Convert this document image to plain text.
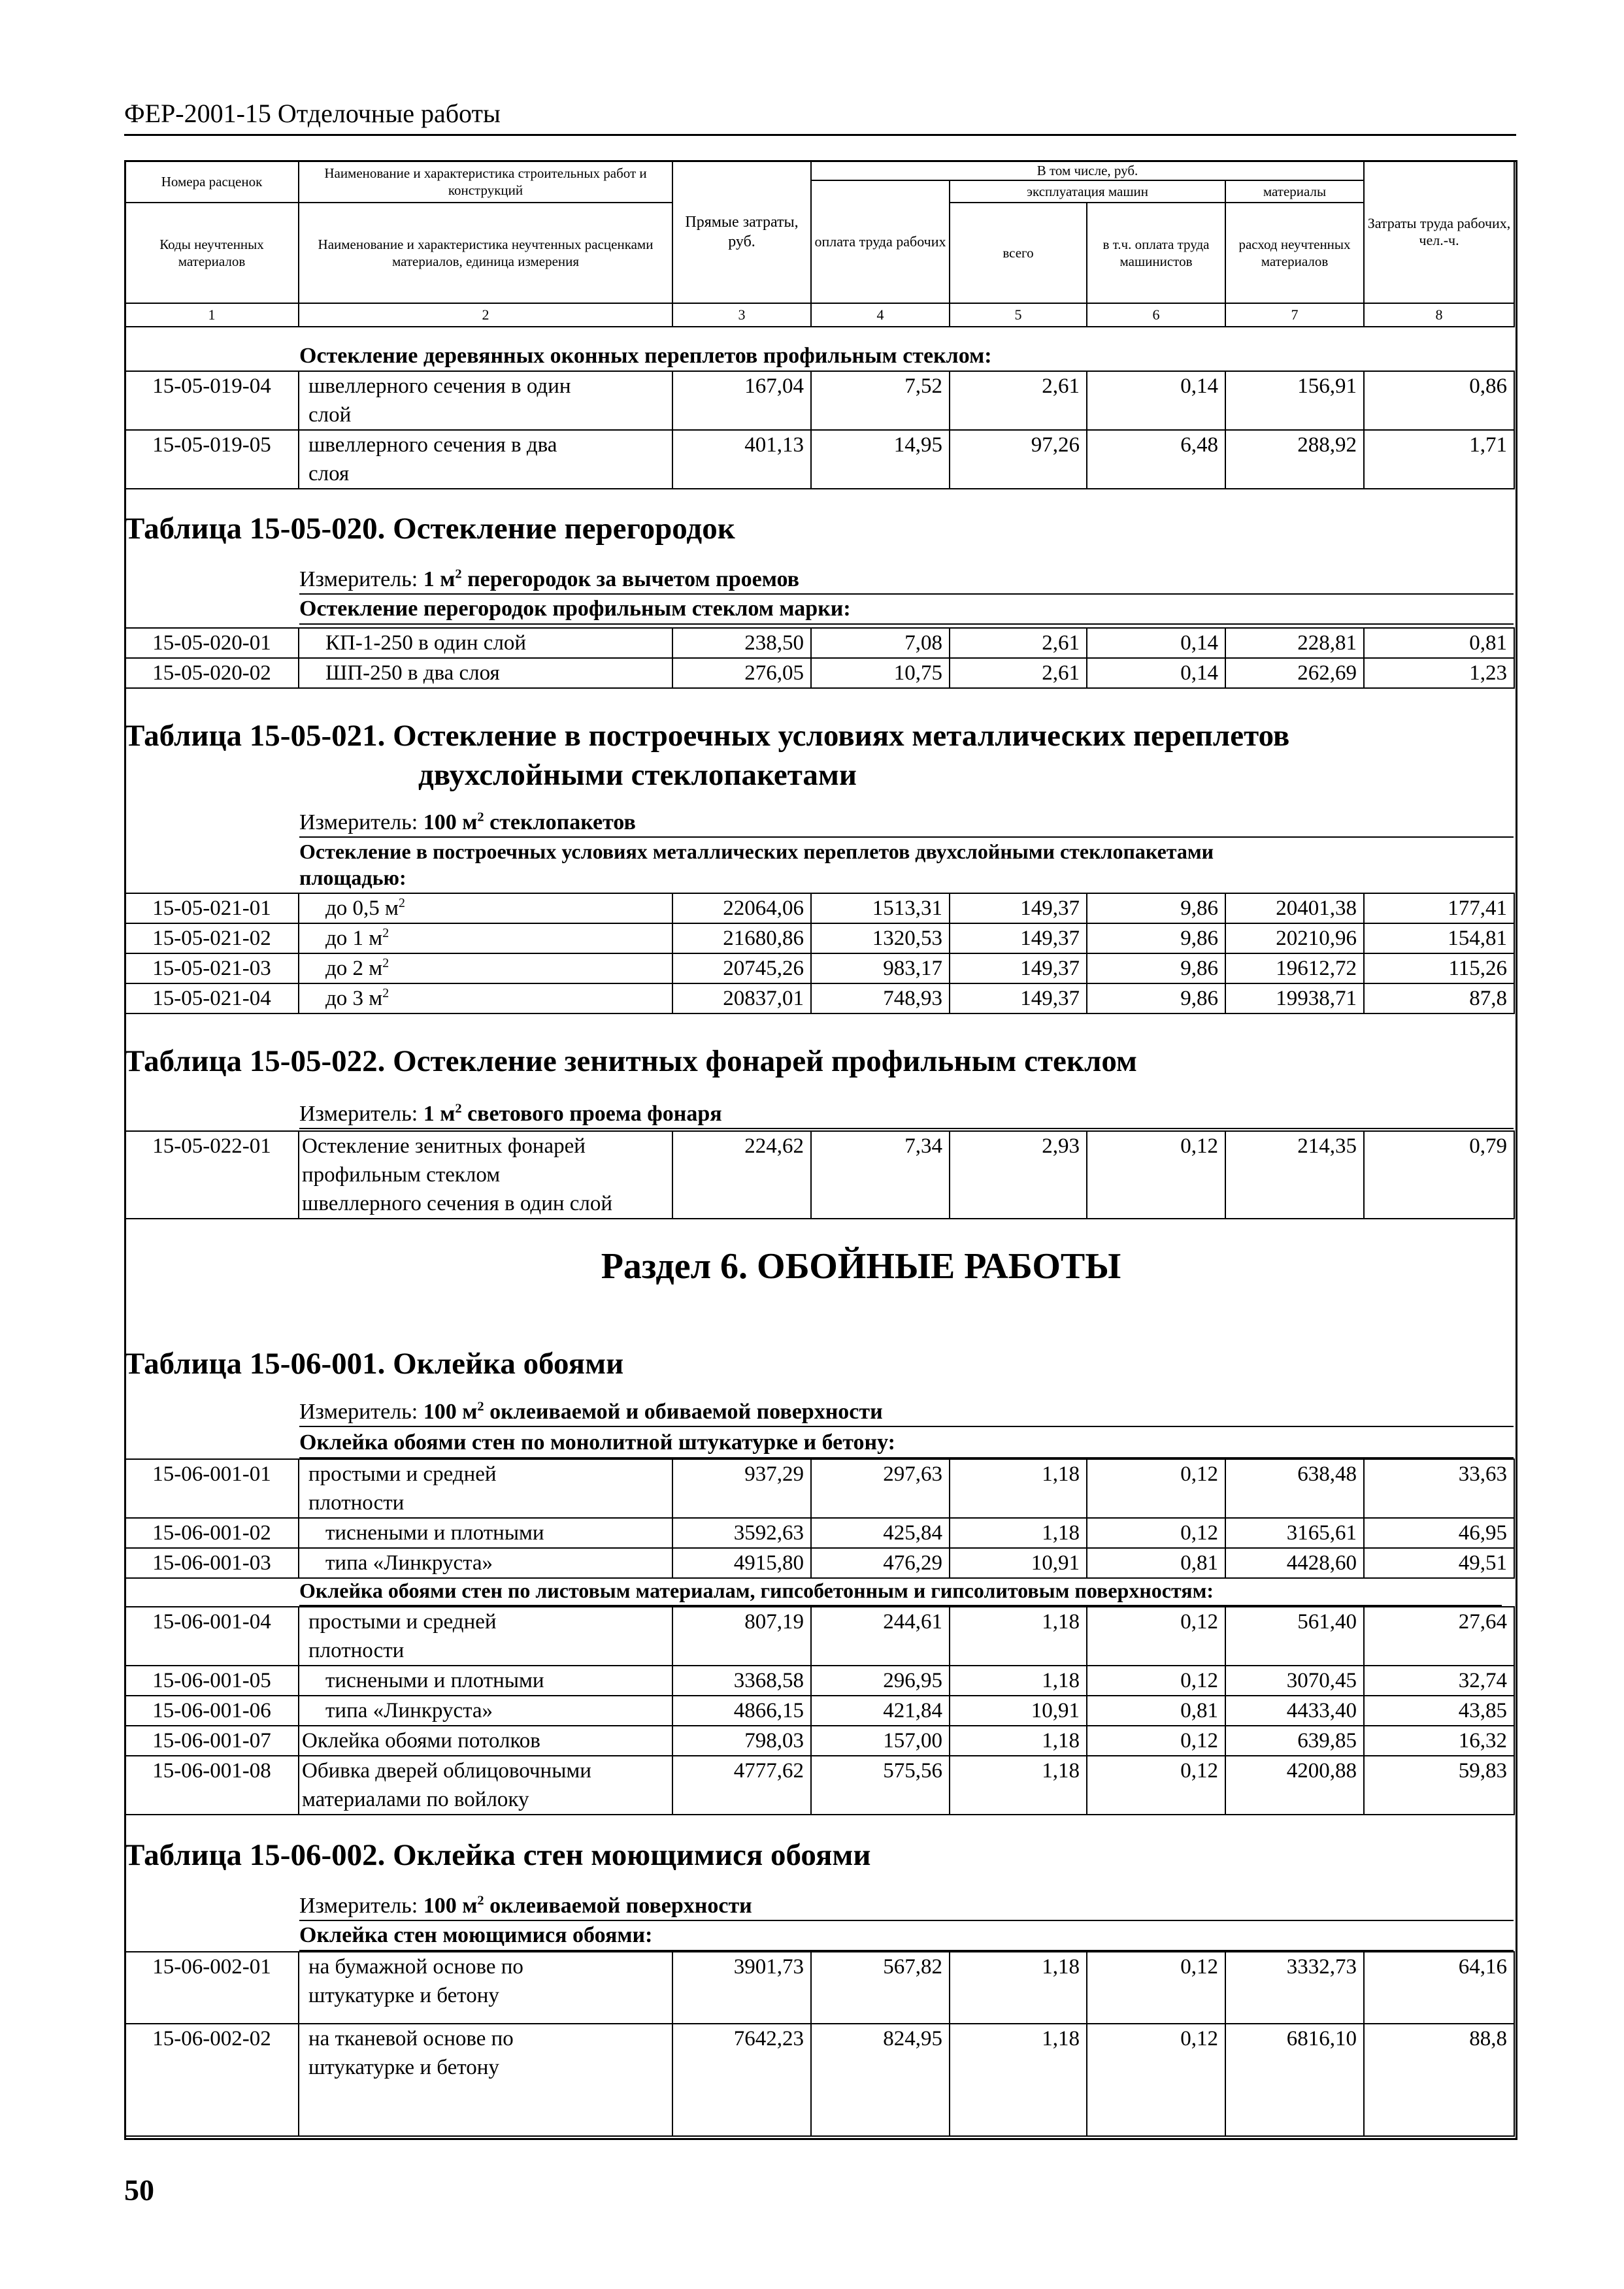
ФЕР-2001-15 Отделочные работы
Номера расценок	Наименование и характеристика строительных работ и конструкций	Прямые затраты, руб.	В том числе, руб.				Затраты труда рабочих, чел.-ч.
			оплата труда рабочих	эксплуатация машин		материалы	
Коды неучтенных материалов	Наименование и характеристика неучтенных расценками материалов, единица измерения			всего	в т.ч. оплата труда машинистов	расход неучтенных материалов	

1	2	3	4	5	6	7	8
Остекление деревянных оконных переплетов профильным стеклом:
15-05-019-04	швеллерного сечения в один
слой	167,04	7,52	2,61	0,14	156,91	0,86
15-05-019-05	швеллерного сечения в два
слоя	401,13	14,95	97,26	6,48	288,92	1,71
Таблица 15-05-020. Остекление перегородок
Измеритель: 1 $м^2$ перегородок за вычетом проемов
Остекление перегородок профильным стеклом марки:
15-05-020-01	КП-1-250 в один слой	238,50	7,08	2,61	0,14	228,81	0,81
15-05-020-02	ШП-250 в два слоя	276,05	10,75	2,61	0,14	262,69	1,23
Таблица 15-05-021. Остекление в построечных условиях металлических переплетов
двухслойными стеклопакетами
Измеритель: 100 $м^2$ стеклопакетов
Остекление в построечных условиях металлических переплетов двухслойными стеклопакетами
площадью:
15-05-021-01	до 0,5 $м^2$	22064,06	1513,31	149,37	9,86	20401,38	177,41
15-05-021-02	до 1 $м^2$	21680,86	1320,53	149,37	9,86	20210,96	154,81
15-05-021-03	до 2 $м^2$	20745,26	983,17	149,37	9,86	19612,72	115,26
15-05-021-04	до 3 $м^2$	20837,01	748,93	149,37	9,86	19938,71	87,8
Таблица 15-05-022. Остекление зенитных фонарей профильным стеклом
Измеритель: 1 $м^2$ светового проема фонаря
15-05-022-01	Остекление зенитных фонарей
профильным стеклом
швеллерного сечения в один слой
	224,62	7,34	2,93	0,12	214,35	0,79
Раздел 6. ОБОЙНЫЕ РАБОТЫ
Таблица 15-06-001. Оклейка обоями
Измеритель: 100 $м^2$ оклеиваемой и обиваемой поверхности
Оклейка обоями стен по монолитной штукатурке и бетону:
15-06-001-01	простыми и средней
плотности	937,29	297,63	1,18	0,12	638,48	33,63
15-06-001-02	тиснеными и плотными	3592,63	425,84	1,18	0,12	3165,61	46,95
15-06-001-03	типа «Линкруста»	4915,80	476,29	10,91	0,81	4428,60	49,51
Оклейка обоями стен по листовым материалам, гипсобетонным и гипсолитовым поверхностям:
15-06-001-04	простыми и средней
плотности	807,19	244,61	1,18	0,12	561,40	27,64
15-06-001-05	тиснеными и плотными	3368,58	296,95	1,18	0,12	3070,45	32,74
15-06-001-06	типа «Линкруста»	4866,15	421,84	10,91	0,81	4433,40	43,85
15-06-001-07	Оклейка обоями потолков	798,03	157,00	1,18	0,12	639,85	16,32
15-06-001-08	Обивка дверей облицовочными
материалами по войлоку	4777,62	575,56	1,18	0,12	4200,88	59,83
Таблица 15-06-002. Оклейка стен моющимися обоями
Измеритель: 100 $м^2$ оклеиваемой поверхности
Оклейка стен моющимися обоями:
15-06-002-01	на бумажной основе по
штукатурке и бетону	3901,73	567,82	1,18	0,12	3332,73	64,16
15-06-002-02	на тканевой основе по
штукатурке и бетону	7642,23	824,95	1,18	0,12	6816,10	88,8
50
